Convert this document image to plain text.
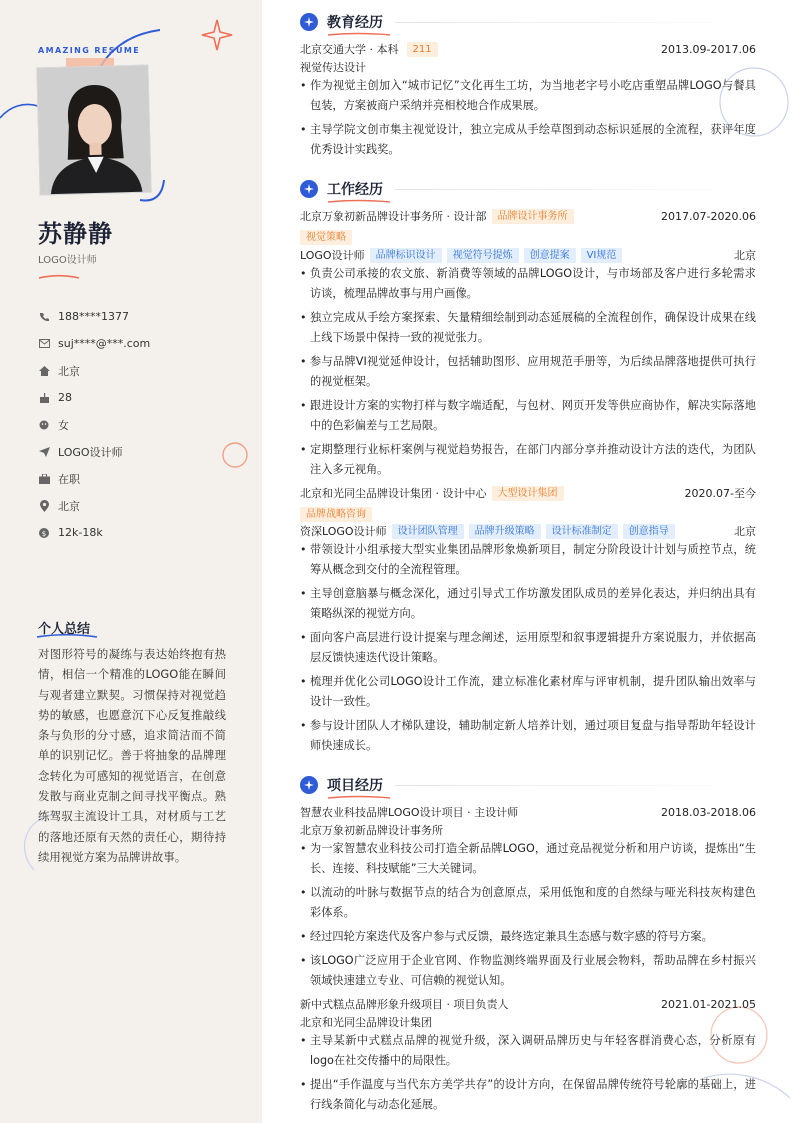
AMAZING RESUME
苏静静
LOGO设计师
188****1377
suj****@***.com
北京
28
女
LOGO设计师
在职
北京
$ 12k-18k
个人总结

对图形符号的凝练与表达始终抱有热情，相信一个精准的LOGO能在瞬间与观者建立默契。习惯保持对视觉趋势的敏感，也愿意沉下心反复推敲线条与负形的分寸感，追求简洁而不简单的识别记忆。善于将抽象的品牌理念转化为可感知的视觉语言，在创意发散与商业克制之间寻找平衡点。熟练驾驭主流设计工具，对材质与工艺的落地还原有天然的责任心，期待持续用视觉方案为品牌讲故事。

教育经历
北京交通大学 · 本科	211	2013.09-2017.06
视觉传达设计
• 作为视觉主创加入“城市记忆”文化再生工坊，为当地老字号小吃店重塑品牌LOGO与餐具包装，方案被商户采纳并亮相校地合作成果展。
• 主导学院文创市集主视觉设计，独立完成从手绘草图到动态标识延展的全流程，获评年度优秀设计实践奖。
工作经历
北京万象初新品牌设计事务所 · 设计部	品牌设计事务所	2017.07-2020.06
视觉策略
LOGO设计师	品牌标识设计	视觉符号提炼	创意提案	VI规范	北京
• 负责公司承接的农文旅、新消费等领域的品牌LOGO设计，与市场部及客户进行多轮需求访谈，梳理品牌故事与用户画像。
• 独立完成从手绘方案探索、矢量精细绘制到动态延展稿的全流程创作，确保设计成果在线上线下场景中保持一致的视觉张力。
• 参与品牌VI视觉延伸设计，包括辅助图形、应用规范手册等，为后续品牌落地提供可执行的视觉框架。
• 跟进设计方案的实物打样与数字端适配，与包材、网页开发等供应商协作，解决实际落地中的色彩偏差与工艺局限。
• 定期整理行业标杆案例与视觉趋势报告，在部门内部分享并推动设计方法的迭代，为团队注入多元视角。
北京和光同尘品牌设计集团 · 设计中心	大型设计集团	2020.07-至今
品牌战略咨询
资深LOGO设计师	设计团队管理	品牌升级策略	设计标准制定	创意指导	北京
• 带领设计小组承接大型实业集团品牌形象焕新项目，制定分阶段设计计划与质控节点，统筹从概念到交付的全流程管理。
• 主导创意脑暴与概念深化，通过引导式工作坊激发团队成员的差异化表达，并归纳出具有策略纵深的视觉方向。
• 面向客户高层进行设计提案与理念阐述，运用原型和叙事逻辑提升方案说服力，并依据高层反馈快速迭代设计策略。
• 梳理并优化公司LOGO设计工作流，建立标准化素材库与评审机制，提升团队输出效率与设计一致性。
• 参与设计团队人才梯队建设，辅助制定新人培养计划，通过项目复盘与指导帮助年轻设计师快速成长。
项目经历
智慧农业科技品牌LOGO设计项目 · 主设计师	2018.03-2018.06
北京万象初新品牌设计事务所
• 为一家智慧农业科技公司打造全新品牌LOGO，通过竞品视觉分析和用户访谈，提炼出“生长、连接、科技赋能”三大关键词。
• 以流动的叶脉与数据节点的结合为创意原点，采用低饱和度的自然绿与哑光科技灰构建色彩体系。
• 经过四轮方案迭代及客户参与式反馈，最终选定兼具生态感与数字感的符号方案。
• 该LOGO广泛应用于企业官网、作物监测终端界面及行业展会物料，帮助品牌在乡村振兴领域快速建立专业、可信赖的视觉认知。
新中式糕点品牌形象升级项目 · 项目负责人	2021.01-2021.05
北京和光同尘品牌设计集团
• 主导某新中式糕点品牌的视觉升级，深入调研品牌历史与年轻客群消费心态，分析原有logo在社交传播中的局限性。
• 提出“手作温度与当代东方美学共存”的设计方向，在保留品牌传统符号轮廓的基础上，进行线条简化与动态化延展。
